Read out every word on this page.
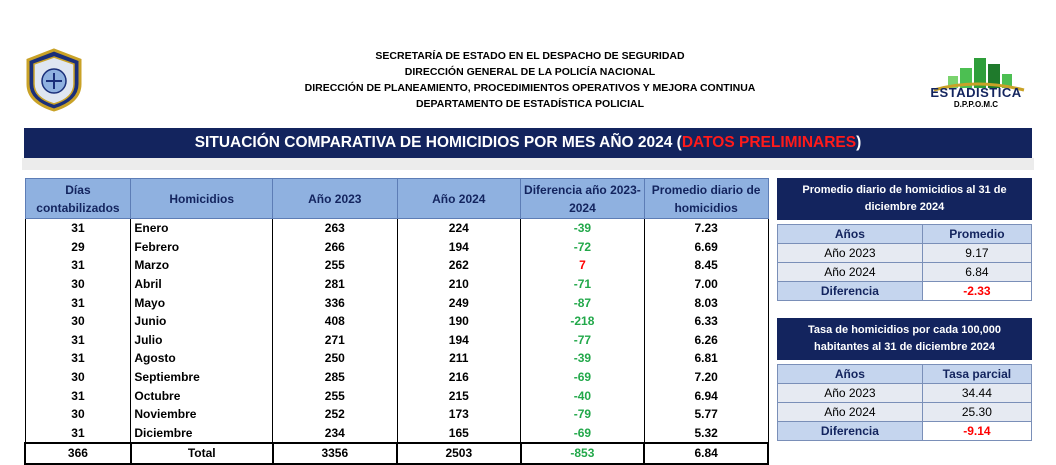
SECRETARÍA DE ESTADO EN EL DESPACHO DE SEGURIDAD
DIRECCIÓN GENERAL DE LA POLICÍA NACIONAL
DIRECCIÓN DE PLANEAMIENTO, PROCEDIMIENTOS OPERATIVOS Y MEJORA CONTINUA
DEPARTAMENTO DE ESTADÍSTICA POLICIAL
ESTADISTICA
D.P.P.O.M.C
SITUACIÓN COMPARATIVA DE HOMICIDIOS POR MES AÑO 2024 ( DATOS PRELIMINARES )
Días contabilizados	Homicidios	Año 2023	Año 2024	Diferencia año 2023-2024	Promedio diario de homicidios
31	Enero	263	224	-39	7.23
29	Febrero	266	194	-72	6.69
31	Marzo	255	262	7	8.45
30	Abril	281	210	-71	7.00
31	Mayo	336	249	-87	8.03
30	Junio	408	190	-218	6.33
31	Julio	271	194	-77	6.26
31	Agosto	250	211	-39	6.81
30	Septiembre	285	216	-69	7.20
31	Octubre	255	215	-40	6.94
30	Noviembre	252	173	-79	5.77
31	Diciembre	234	165	-69	5.32
366	Total	3356	2503	-853	6.84
Promedio diario de homicidios al 31 de diciembre 2024
Años	Promedio
Año 2023	9.17
Año 2024	6.84
Diferencia	-2.33
Tasa de homicidios por cada 100,000 habitantes al 31 de diciembre 2024
Años	Tasa parcial
Año 2023	34.44
Año 2024	25.30
Diferencia	-9.14
